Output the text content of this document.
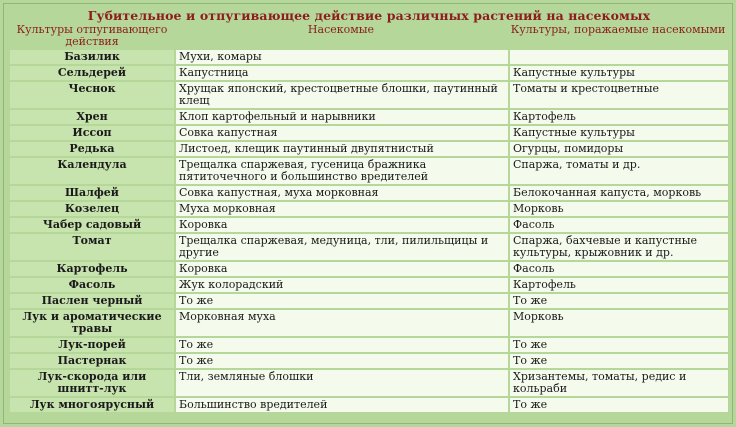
Губительное и отпугивающее действие различных растений на насекомых
Культуры отпугивающего действия	Насекомые	Культуры, поражаемые насекомыми
Базилик	Мухи, комары	
Сельдерей	Капустница	Капустные культуры
Чеснок	Хрущак японский, крестоцветные блошки, паутинный клещ	Томаты и крестоцветные
Хрен	Клоп картофельный и нарывники	Картофель
Иссоп	Совка капустная	Капустные культуры
Редька	Листоед, клещик паутинный двупятнистый	Огурцы, помидоры
Календула	Трещалка спаржевая, гусеница бражника пятиточечного и большинство вредителей	Спаржа, томаты и др.
Шалфей	Совка капустная, муха морковная	Белокочанная капуста, морковь
Козелец	Муха морковная	Морковь
Чабер садовый	Коровка	Фасоль
Томат	Трещалка спаржевая, медуница, тли, пилильщицы и другие	Спаржа, бахчевые и капустные культуры, крыжовник и др.
Картофель	Коровка	Фасоль
Фасоль	Жук колорадский	Картофель
Паслен черный	То же	То же
Лук и ароматические травы	Морковная муха	Морковь
Лук-порей	То же	То же
Пастернак	То же	То же
Лук-скорода или шнитт-лук	Тли, земляные блошки	Хризантемы, томаты, редис и кольраби
Лук многоярусный	Большинство вредителей	То же
